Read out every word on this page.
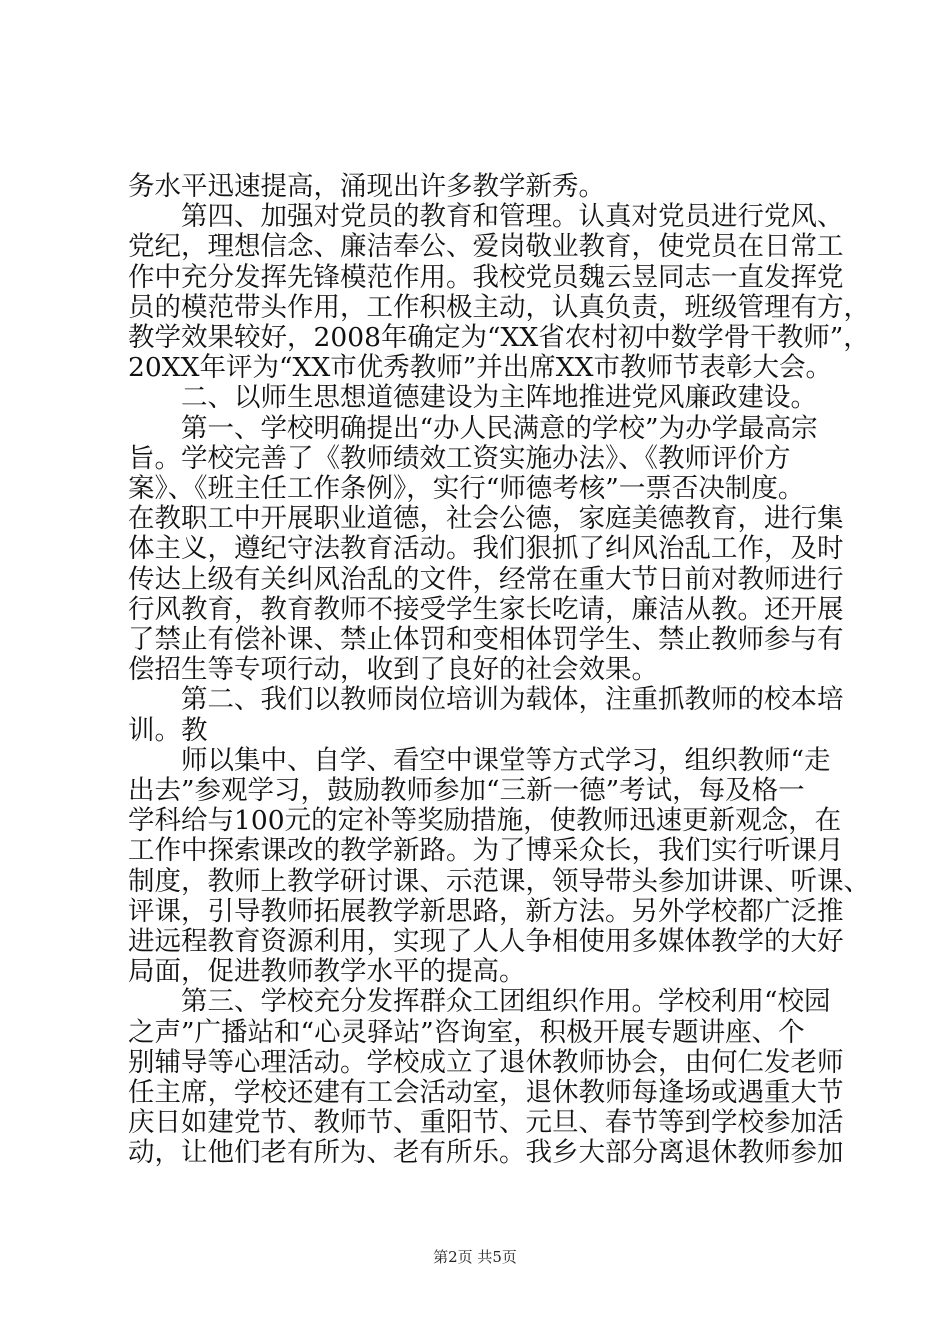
务水平迅速提高，涌现出许多教学新秀。
第四、加强对党员的教育和管理。认真对党员进行党风、
党纪，理想信念、廉洁奉公、爱岗敬业教育，使党员在日常工
作中充分发挥先锋模范作用。我校党员魏云昱同志一直发挥党
员的模范带头作用，工作积极主动，认真负责，班级管理有方，
教学效果较好，2008年确定为“XX省农村初中数学骨干教师”，
20XX年评为“XX市优秀教师”并出席XX市教师节表彰大会。
二、以师生思想道德建设为主阵地推进党风廉政建设。
第一、学校明确提出“办人民满意的学校”为办学最高宗
旨。学校完善了《教师绩效工资实施办法》、《教师评价方
案》、《班主任工作条例》，实行“师德考核”一票否决制度。
在教职工中开展职业道德，社会公德，家庭美德教育，进行集
体主义，遵纪守法教育活动。我们狠抓了纠风治乱工作，及时
传达上级有关纠风治乱的文件，经常在重大节日前对教师进行
行风教育，教育教师不接受学生家长吃请，廉洁从教。还开展
了禁止有偿补课、禁止体罚和变相体罚学生、禁止教师参与有
偿招生等专项行动，收到了良好的社会效果。
第二、我们以教师岗位培训为载体，注重抓教师的校本培
训。教
师以集中、自学、看空中课堂等方式学习，组织教师“走
出去”参观学习，鼓励教师参加“三新一德”考试，每及格一
学科给与100元的定补等奖励措施，使教师迅速更新观念，在
工作中探索课改的教学新路。为了博采众长，我们实行听课月
制度，教师上教学研讨课、示范课，领导带头参加讲课、听课、
评课，引导教师拓展教学新思路，新方法。另外学校都广泛推
进远程教育资源利用，实现了人人争相使用多媒体教学的大好
局面，促进教师教学水平的提高。
第三、学校充分发挥群众工团组织作用。学校利用“校园
之声”广播站和“心灵驿站”咨询室，积极开展专题讲座、个
别辅导等心理活动。学校成立了退休教师协会，由何仁发老师
任主席，学校还建有工会活动室，退休教师每逢场或遇重大节
庆日如建党节、教师节、重阳节、元旦、春节等到学校参加活
动，让他们老有所为、老有所乐。我乡大部分离退休教师参加
第2页 共5页
